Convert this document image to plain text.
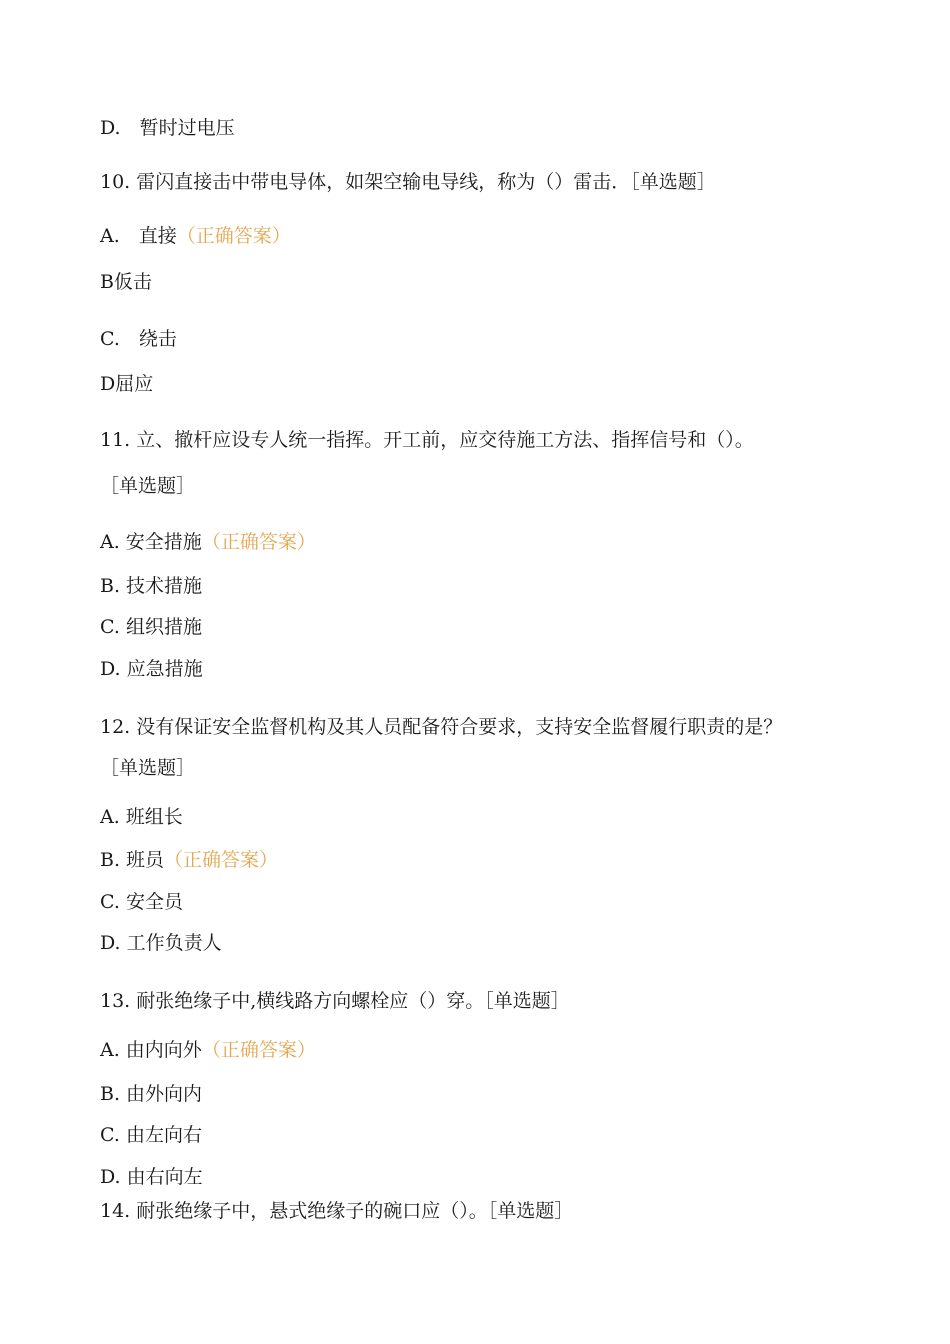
D.　暂时过电压
10. 雷闪直接击中带电导体，如架空输电导线，称为（）雷击．［单选题］
A.　直接（正确答案）
B仮击
C.　绕击
D屈应
11. 立、撤杆应设专人统一指挥。开工前，应交待施工方法、指挥信号和（）。
［单选题］
A. 安全措施（正确答案）
B. 技术措施
C. 组织措施
D. 应急措施
12. 没有保证安全监督机构及其人员配备符合要求，支持安全监督履行职责的是？
［单选题］
A. 班组长
B. 班员（正确答案）
C. 安全员
D. 工作负责人
13. 耐张绝缘子中,横线路方向螺栓应（）穿。［单选题］
A. 由内向外（正确答案）
B. 由外向内
C. 由左向右
D. 由右向左
14. 耐张绝缘子中，悬式绝缘子的碗口应（）。［单选题］
